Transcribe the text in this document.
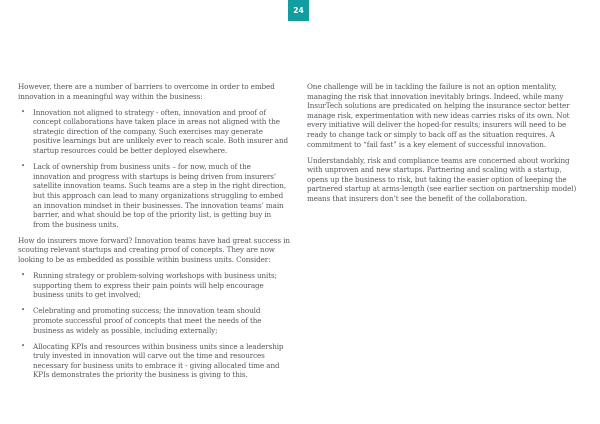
24
However, there are a number of barriers to overcome in order to embed innovation in a meaningful way within the business:
• Innovation not aligned to strategy - often, innovation and proof of concept collaborations have taken place in areas not aligned with the strategic direction of the company. Such exercises may generate positive learnings but are unlikely ever to reach scale. Both insurer and startup resources could be better deployed elsewhere.
• Lack of ownership from business units – for now, much of the innovation and progress with startups is being driven from insurers’ satellite innovation teams. Such teams are a step in the right direction, but this approach can lead to many organizations struggling to embed an innovation mindset in their businesses. The innovation teams’ main barrier, and what should be top of the priority list, is getting buy in from the business units.
How do insurers move forward? Innovation teams have had great success in scouting relevant startups and creating proof of concepts. They are now looking to be as embedded as possible within business units. Consider:
• Running strategy or problem-solving workshops with business units; supporting them to express their pain points will help encourage business units to get involved;
• Celebrating and promoting success; the innovation team should promote successful proof of concepts that meet the needs of the business as widely as possible, including externally;
• Allocating KPIs and resources within business units since a leadership truly invested in innovation will carve out the time and resources necessary for business units to embrace it - giving allocated time and KPIs demonstrates the priority the business is giving to this.
One challenge will be in tackling the failure is not an option mentality, managing the risk that innovation inevitably brings. Indeed, while many InsurTech solutions are predicated on helping the insurance sector better manage risk, experimentation with new ideas carries risks of its own. Not every initiative will deliver the hoped-for results; insurers will need to be ready to change tack or simply to back off as the situation requires. A commitment to “fail fast” is a key element of successful innovation.
Understandably, risk and compliance teams are concerned about working with unproven and new startups. Partnering and scaling with a startup, opens up the business to risk, but taking the easier option of keeping the partnered startup at arms-length (see earlier section on partnership model) means that insurers don’t see the benefit of the collaboration.
